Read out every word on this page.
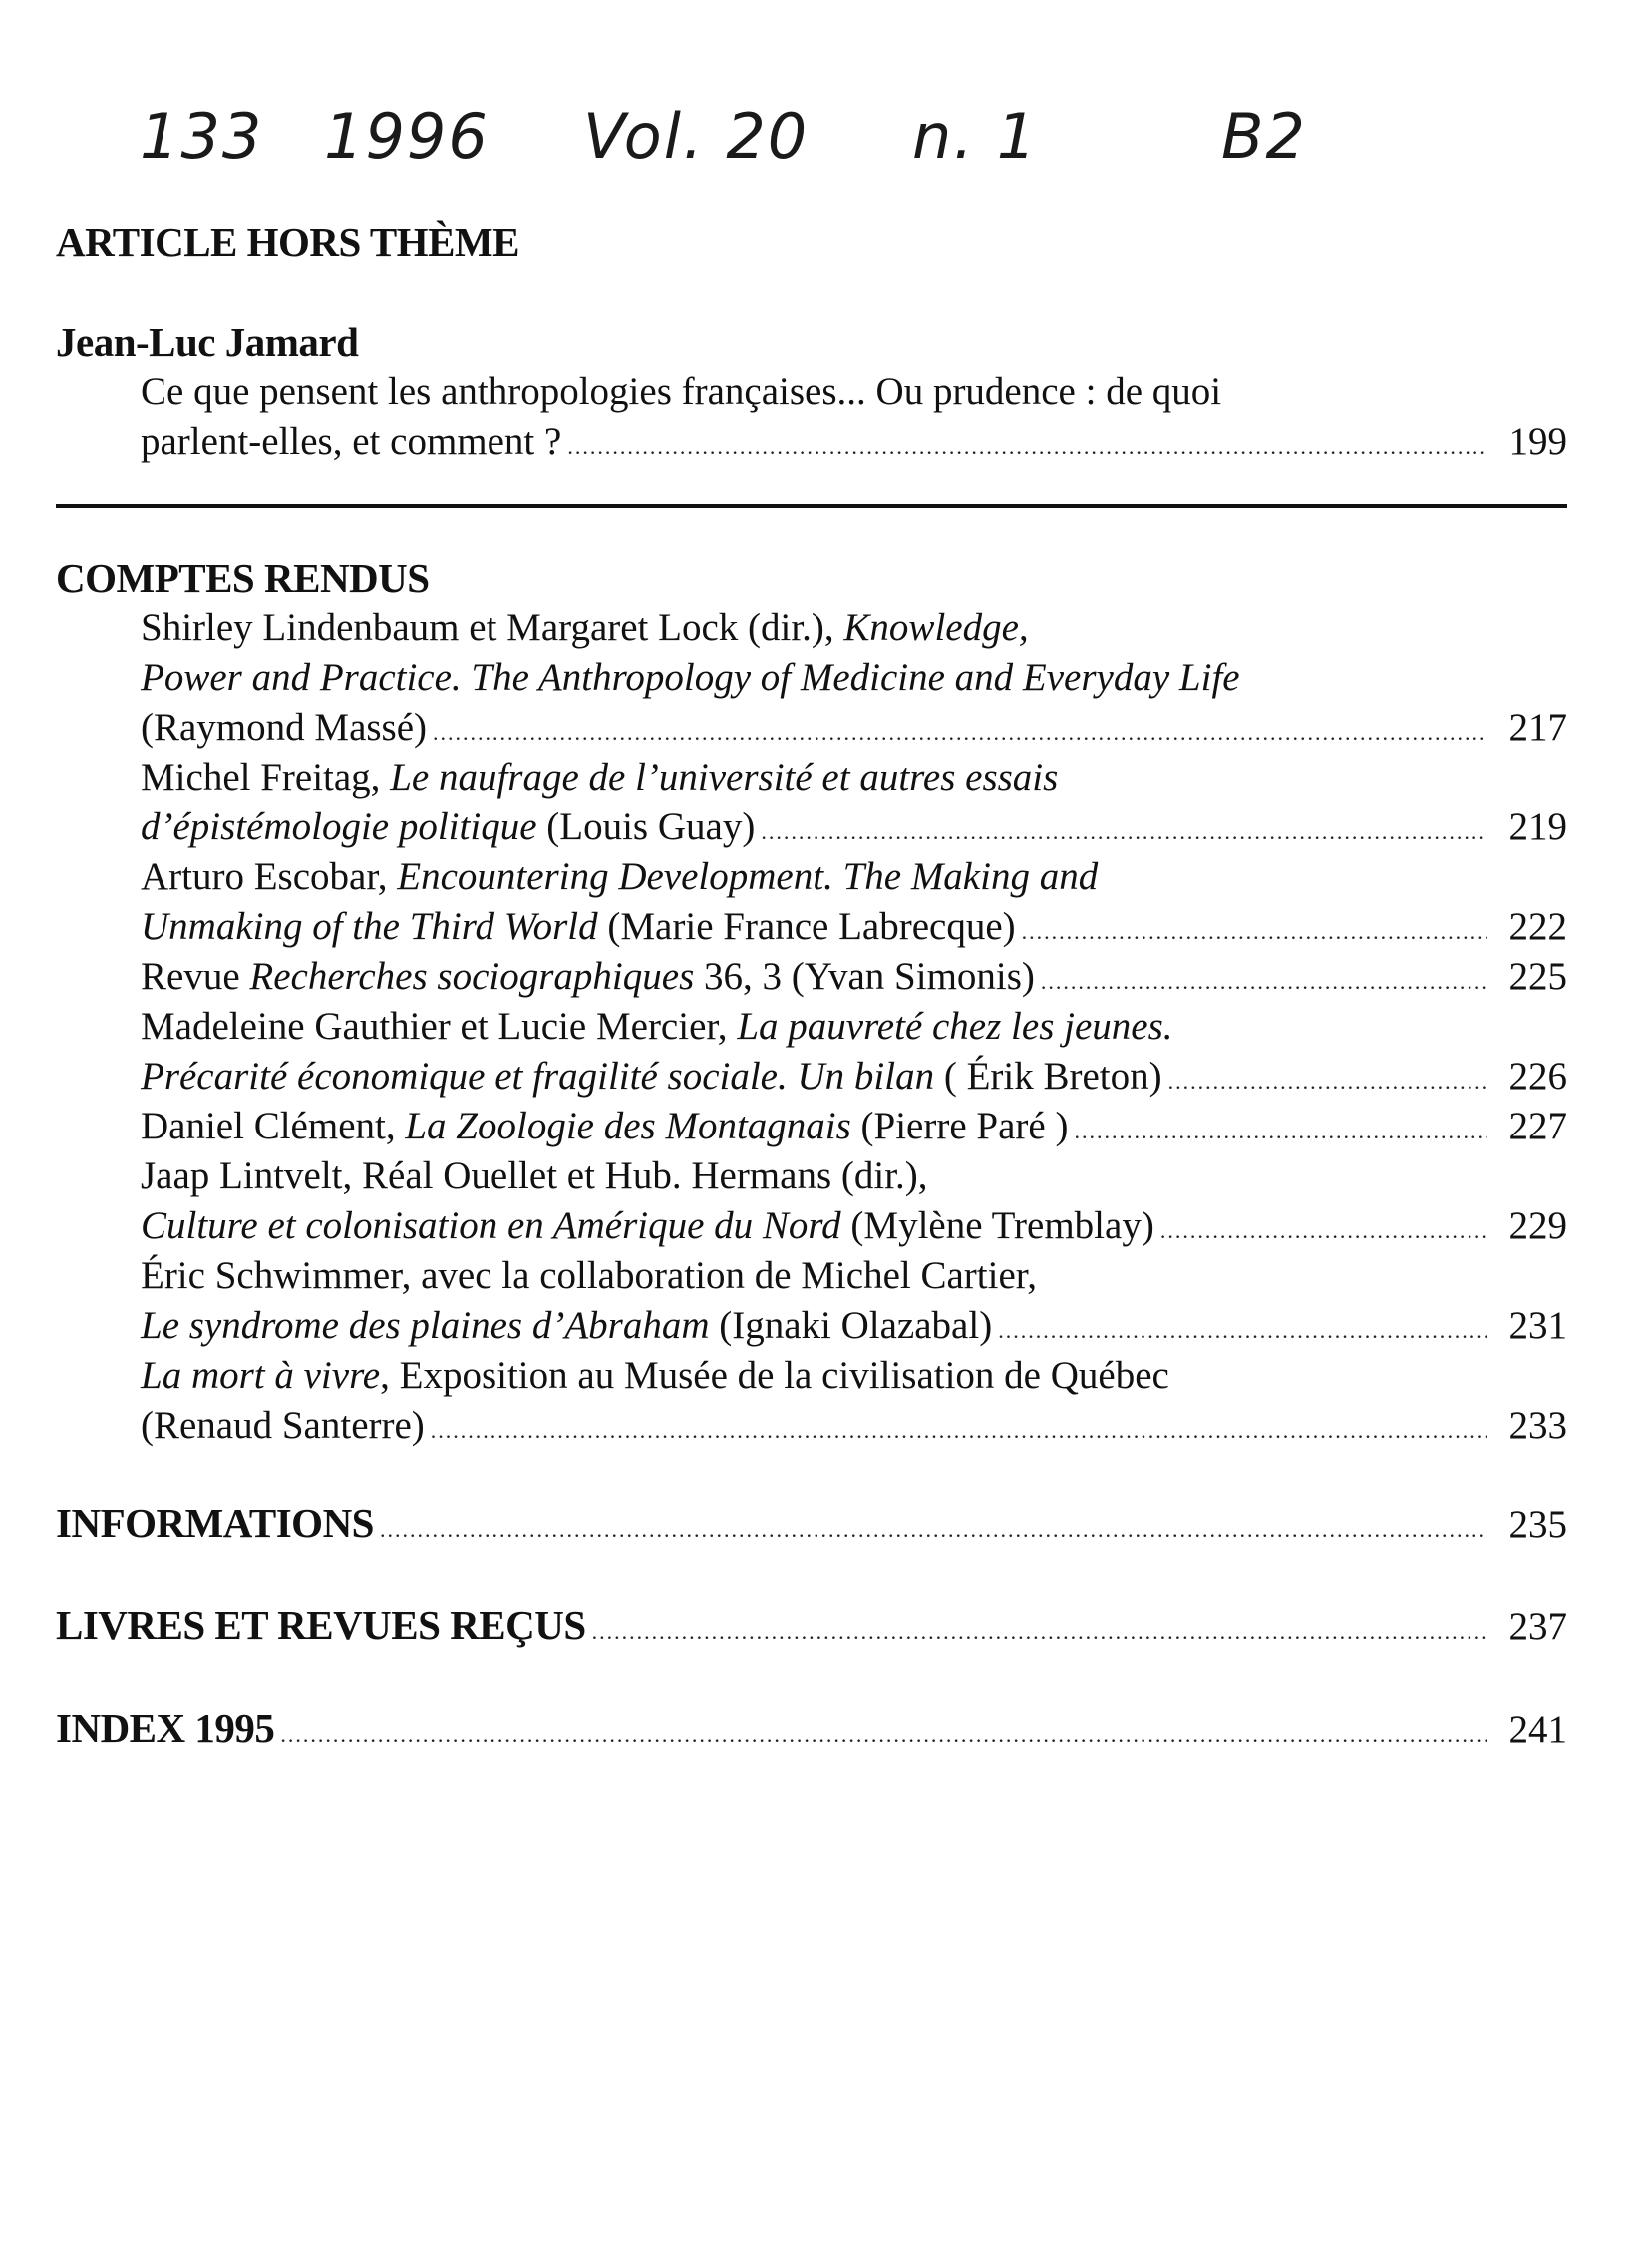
133 1996 Vol. 20 n. 1	B2
ARTICLE HORS THÈME
Jean-Luc Jamard
Ce que pensent les anthropologies françaises... Ou prudence : de quoi
parlent-elles, et comment ? .....	199
COMPTES RENDUS
Shirley Lindenbaum et Margaret Lock (dir.), Knowledge,
Power and Practice. The Anthropology of Medicine and Everyday Life
(Raymond Massé) .....	217
Michel Freitag, Le naufrage de l’université et autres essais
d’épistémologie politique (Louis Guay) .....	219
Arturo Escobar, Encountering Development. The Making and
Unmaking of the Third World (Marie France Labrecque) .....	222
Revue Recherches sociographiques 36, 3 (Yvan Simonis) .....	225
Madeleine Gauthier et Lucie Mercier, La pauvreté chez les jeunes.
Précarité économique et fragilité sociale. Un bilan ( Érik Breton) .....	226
Daniel Clément, La Zoologie des Montagnais (Pierre Paré ) .....	227
Jaap Lintvelt, Réal Ouellet et Hub. Hermans (dir.),
Culture et colonisation en Amérique du Nord (Mylène Tremblay) .....	229
Éric Schwimmer, avec la collaboration de Michel Cartier,
Le syndrome des plaines d’Abraham (Ignaki Olazabal) .....	231
La mort à vivre, Exposition au Musée de la civilisation de Québec
(Renaud Santerre) .....	233
INFORMATIONS .....	235
LIVRES ET REVUES REÇUS .....	237
INDEX 1995 .....	241
